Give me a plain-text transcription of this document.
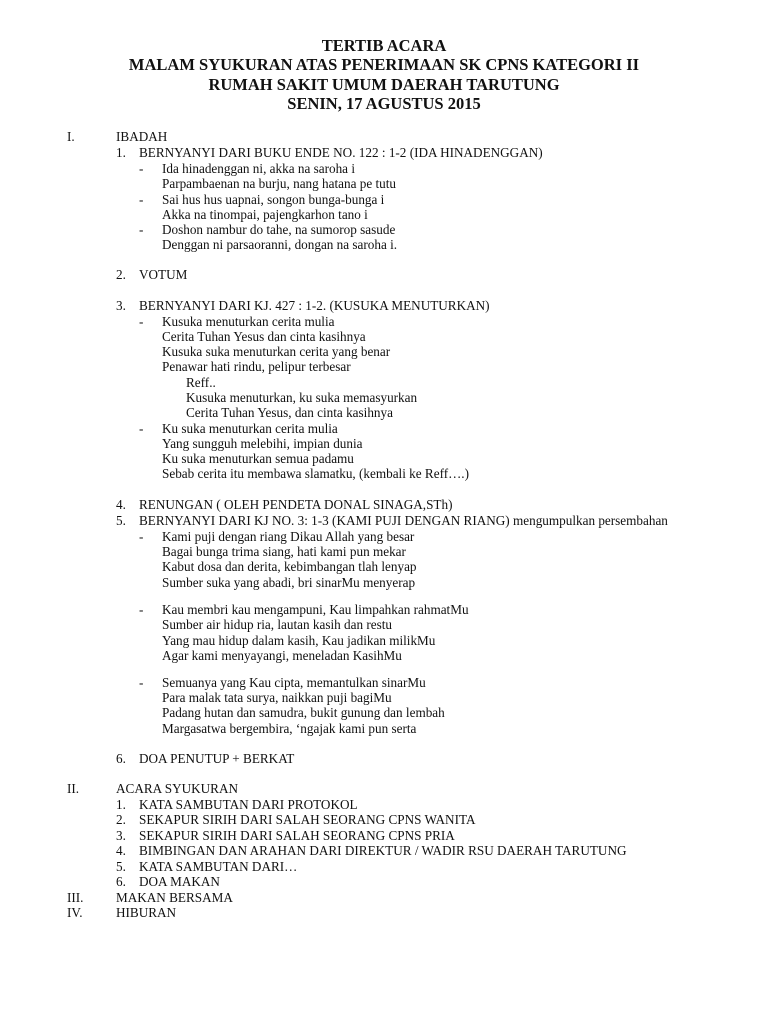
TERTIB ACARA
MALAM SYUKURAN ATAS PENERIMAAN SK CPNS KATEGORI II
RUMAH SAKIT UMUM DAERAH TARUTUNG
SENIN, 17 AGUSTUS 2015
I.	IBADAH
1. BERNYANYI DARI BUKU ENDE NO. 122 : 1-2 (IDA HINADENGGAN)
- Ida hinadenggan ni, akka na saroha i
Parpambaenan na burju, nang hatana pe tutu
- Sai hus hus uapnai, songon bunga-bunga i
Akka na tinompai, pajengkarhon tano i
- Doshon nambur do tahe, na sumorop sasude
Denggan ni parsaoranni, dongan na saroha i.
2. VOTUM
3. BERNYANYI DARI KJ. 427 : 1-2. (KUSUKA MENUTURKAN)
- Kusuka menuturkan cerita mulia
Cerita Tuhan Yesus dan cinta kasihnya
Kusuka suka menuturkan cerita yang benar
Penawar hati rindu, pelipur terbesar
Reff..
Kusuka menuturkan, ku suka memasyurkan
Cerita Tuhan Yesus, dan cinta kasihnya
- Ku suka menuturkan cerita mulia
Yang sungguh melebihi, impian dunia
Ku suka menuturkan semua padamu
Sebab cerita itu membawa slamatku, (kembali ke Reff….)
4. RENUNGAN ( OLEH PENDETA DONAL SINAGA,STh)
5. BERNYANYI DARI KJ NO. 3: 1-3 (KAMI PUJI DENGAN RIANG) mengumpulkan persembahan
- Kami puji dengan riang Dikau Allah yang besar
Bagai bunga trima siang, hati kami pun mekar
Kabut dosa dan derita, kebimbangan tlah lenyap
Sumber suka yang abadi, bri sinarMu menyerap
- Kau membri kau mengampuni, Kau limpahkan rahmatMu
Sumber air hidup ria, lautan kasih dan restu
Yang mau hidup dalam kasih, Kau jadikan milikMu
Agar kami menyayangi, meneladan KasihMu
- Semuanya yang Kau cipta, memantulkan sinarMu
Para malak tata surya, naikkan puji bagiMu
Padang hutan dan samudra, bukit gunung dan lembah
Margasatwa bergembira, ‘ngajak kami pun serta
6. DOA PENUTUP + BERKAT
II.	ACARA SYUKURAN
1. KATA SAMBUTAN DARI PROTOKOL
2. SEKAPUR SIRIH DARI SALAH SEORANG CPNS WANITA
3. SEKAPUR SIRIH DARI SALAH SEORANG CPNS PRIA
4. BIMBINGAN DAN ARAHAN DARI DIREKTUR / WADIR RSU DAERAH TARUTUNG
5. KATA SAMBUTAN DARI…
6. DOA MAKAN
III. MAKAN BERSAMA
IV.	HIBURAN
